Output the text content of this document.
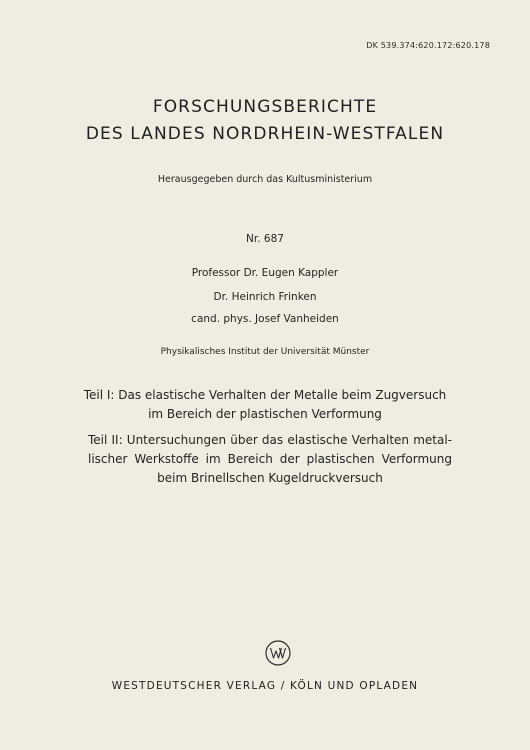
DK 539.374:620.172:620.178
FORSCHUNGSBERICHTE
DES LANDES NORDRHEIN-WESTFALEN
Herausgegeben durch das Kultusministerium
Nr. 687
Professor Dr. Eugen Kappler
Dr. Heinrich Frinken
cand. phys. Josef Vanheiden
Physikalisches Institut der Universität Münster
Teil I: Das elastische Verhalten der Metalle beim Zugversuch
im Bereich der plastischen Verformung
Teil II: Untersuchungen über das elastische Verhalten metal-
lischer Werkstoffe im Bereich der plastischen Verformung
beim Brinellschen Kugeldruckversuch
WESTDEUTSCHER VERLAG / KÖLN UND OPLADEN
